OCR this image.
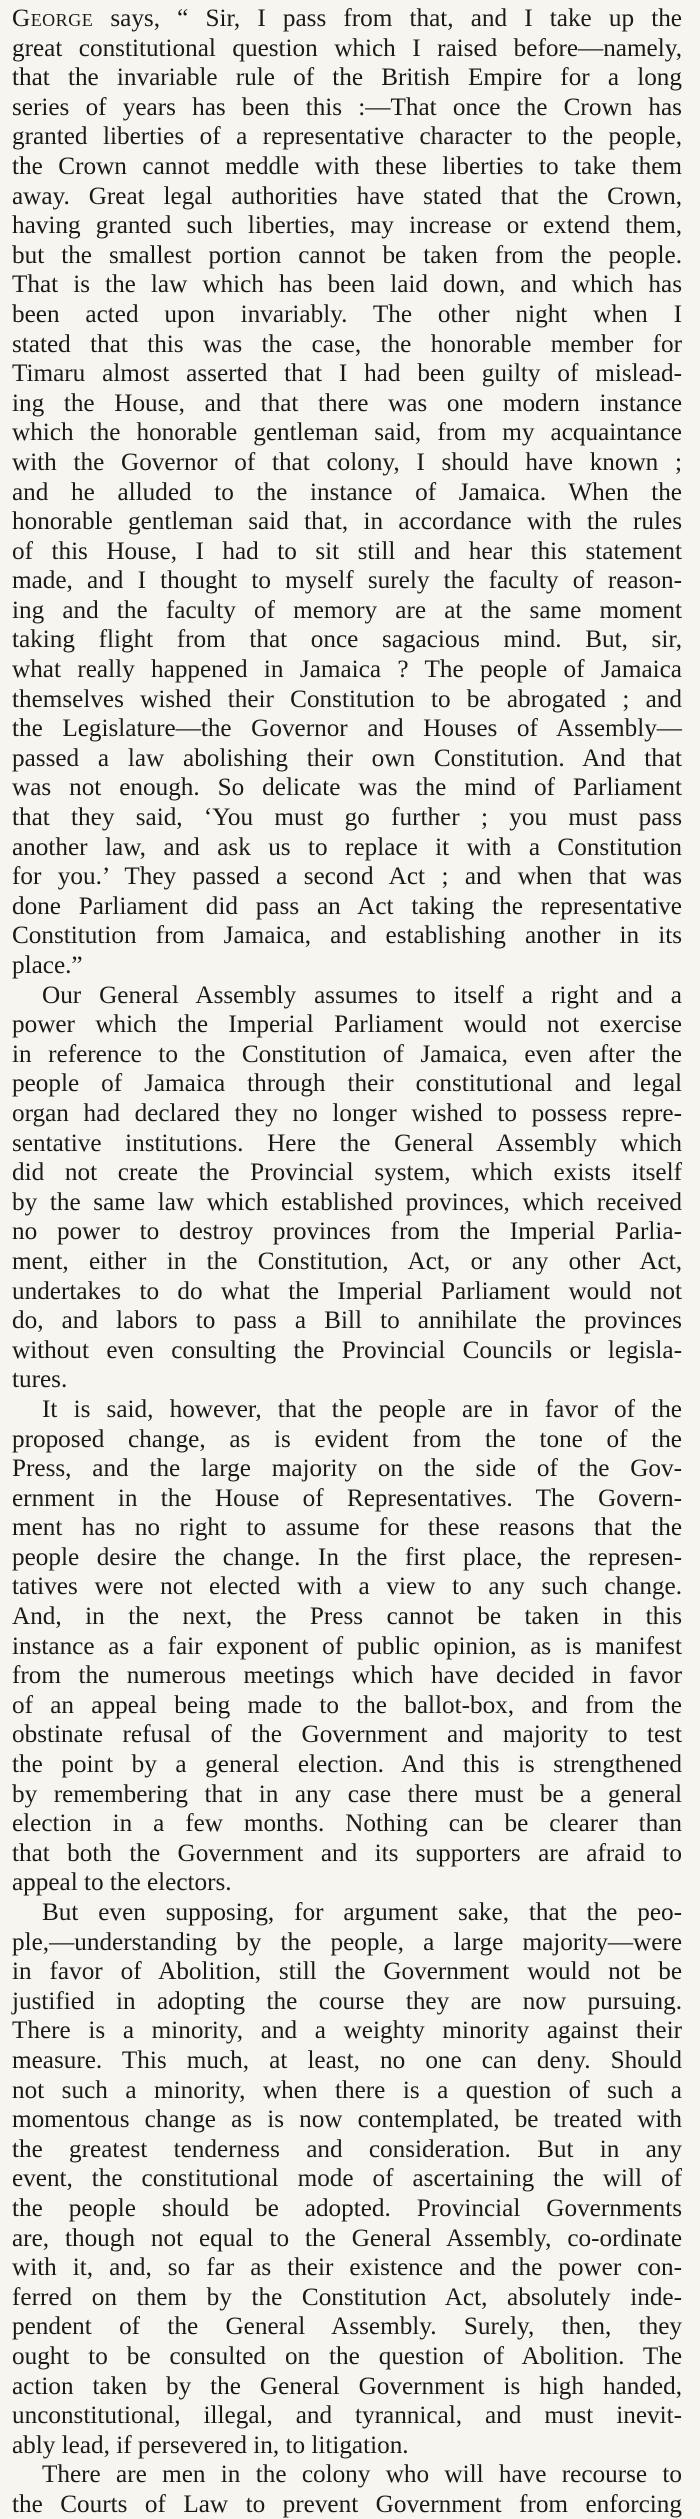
George says, “ Sir, I pass from that, and I take up the
great constitutional question which I raised before—namely,
that the invariable rule of the British Empire for a long
series of years has been this :—That once the Crown has
granted liberties of a representative character to the people,
the Crown cannot meddle with these liberties to take them
away. Great legal authorities have stated that the Crown,
having granted such liberties, may increase or extend them,
but the smallest portion cannot be taken from the people.
That is the law which has been laid down, and which has
been acted upon invariably. The other night when I
stated that this was the case, the honorable member for
Timaru almost asserted that I had been guilty of mislead-
ing the House, and that there was one modern instance
which the honorable gentleman said, from my acquaintance
with the Governor of that colony, I should have known ;
and he alluded to the instance of Jamaica. When the
honorable gentleman said that, in accordance with the rules
of this House, I had to sit still and hear this statement
made, and I thought to myself surely the faculty of reason-
ing and the faculty of memory are at the same moment
taking flight from that once sagacious mind. But, sir,
what really happened in Jamaica ? The people of Jamaica
themselves wished their Constitution to be abrogated ; and
the Legislature—the Governor and Houses of Assembly—
passed a law abolishing their own Constitution. And that
was not enough. So delicate was the mind of Parliament
that they said, ‘You must go further ; you must pass
another law, and ask us to replace it with a Constitution
for you.’ They passed a second Act ; and when that was
done Parliament did pass an Act taking the representative
Constitution from Jamaica, and establishing another in its
place.”

Our General Assembly assumes to itself a right and a
power which the Imperial Parliament would not exercise
in reference to the Constitution of Jamaica, even after the
people of Jamaica through their constitutional and legal
organ had declared they no longer wished to possess repre-
sentative institutions. Here the General Assembly which
did not create the Provincial system, which exists itself
by the same law which established provinces, which received
no power to destroy provinces from the Imperial Parlia-
ment, either in the Constitution, Act, or any other Act,
undertakes to do what the Imperial Parliament would not
do, and labors to pass a Bill to annihilate the provinces
without even consulting the Provincial Councils or legisla-
tures.

It is said, however, that the people are in favor of the
proposed change, as is evident from the tone of the
Press, and the large majority on the side of the Gov-
ernment in the House of Representatives. The Govern-
ment has no right to assume for these reasons that the
people desire the change. In the first place, the represen-
tatives were not elected with a view to any such change.
And, in the next, the Press cannot be taken in this
instance as a fair exponent of public opinion, as is manifest
from the numerous meetings which have decided in favor
of an appeal being made to the ballot-box, and from the
obstinate refusal of the Government and majority to test
the point by a general election. And this is strengthened
by remembering that in any case there must be a general
election in a few months. Nothing can be clearer than
that both the Government and its supporters are afraid to
appeal to the electors.

But even supposing, for argument sake, that the peo-
ple,—understanding by the people, a large majority—were
in favor of Abolition, still the Government would not be
justified in adopting the course they are now pursuing.
There is a minority, and a weighty minority against their
measure. This much, at least, no one can deny. Should
not such a minority, when there is a question of such a
momentous change as is now contemplated, be treated with
the greatest tenderness and consideration. But in any
event, the constitutional mode of ascertaining the will of
the people should be adopted. Provincial Governments
are, though not equal to the General Assembly, co-ordinate
with it, and, so far as their existence and the power con-
ferred on them by the Constitution Act, absolutely inde-
pendent of the General Assembly. Surely, then, they
ought to be consulted on the question of Abolition. The
action taken by the General Government is high handed,
unconstitutional, illegal, and tyrannical, and must inevit-
ably lead, if persevered in, to litigation.

There are men in the colony who will have recourse to
the Courts of Law to prevent Government from enforcing
